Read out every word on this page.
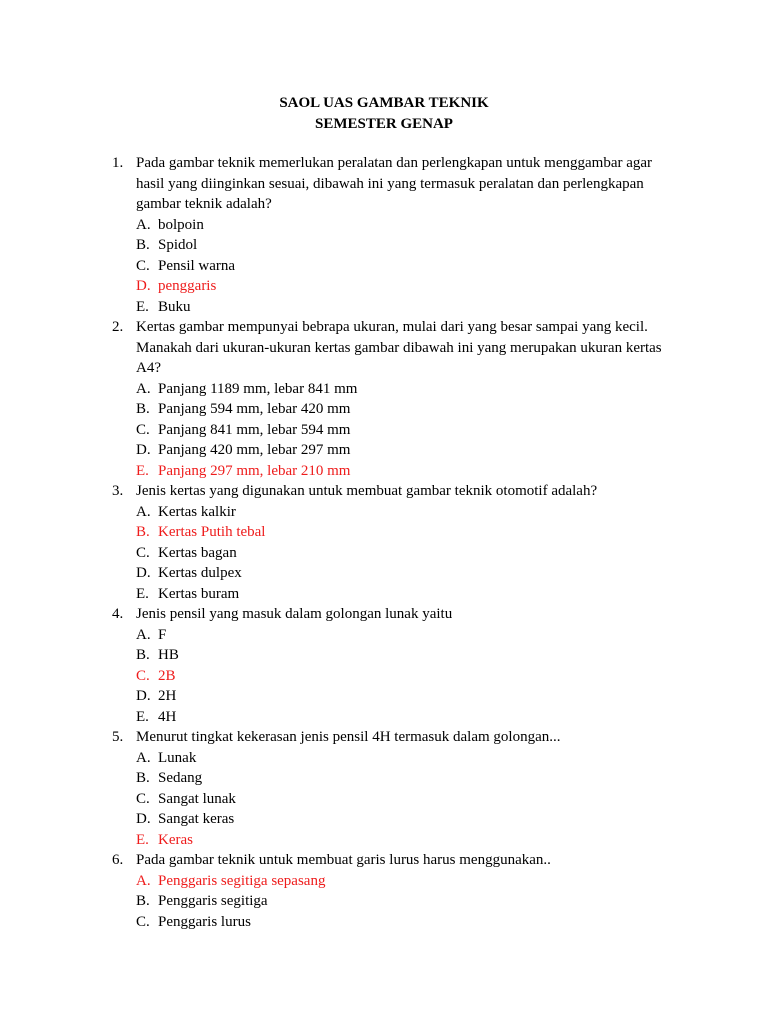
SAOL UAS GAMBAR TEKNIK
SEMESTER GENAP
1. Pada gambar teknik memerlukan peralatan dan perlengkapan untuk menggambar agar hasil yang diinginkan sesuai, dibawah ini yang termasuk peralatan dan perlengkapan gambar teknik adalah?
A. bolpoin
B. Spidol
C. Pensil warna
D. penggaris
E. Buku
2. Kertas gambar mempunyai bebrapa ukuran, mulai dari yang besar sampai yang kecil. Manakah dari ukuran-ukuran kertas gambar dibawah ini yang merupakan ukuran kertas A4?
A. Panjang 1189 mm, lebar 841 mm
B. Panjang 594 mm, lebar 420 mm
C. Panjang 841 mm, lebar 594 mm
D. Panjang 420 mm, lebar 297 mm
E. Panjang 297 mm, lebar 210 mm
3. Jenis kertas yang digunakan untuk membuat gambar teknik otomotif adalah?
A. Kertas kalkir
B. Kertas Putih tebal
C. Kertas bagan
D. Kertas dulpex
E. Kertas buram
4. Jenis pensil yang masuk dalam golongan lunak yaitu
A. F
B. HB
C. 2B
D. 2H
E. 4H
5. Menurut tingkat kekerasan jenis pensil 4H termasuk dalam golongan...
A. Lunak
B. Sedang
C. Sangat lunak
D. Sangat keras
E. Keras
6. Pada gambar teknik untuk membuat garis lurus harus menggunakan..
A. Penggaris segitiga sepasang
B. Penggaris segitiga
C. Penggaris lurus
